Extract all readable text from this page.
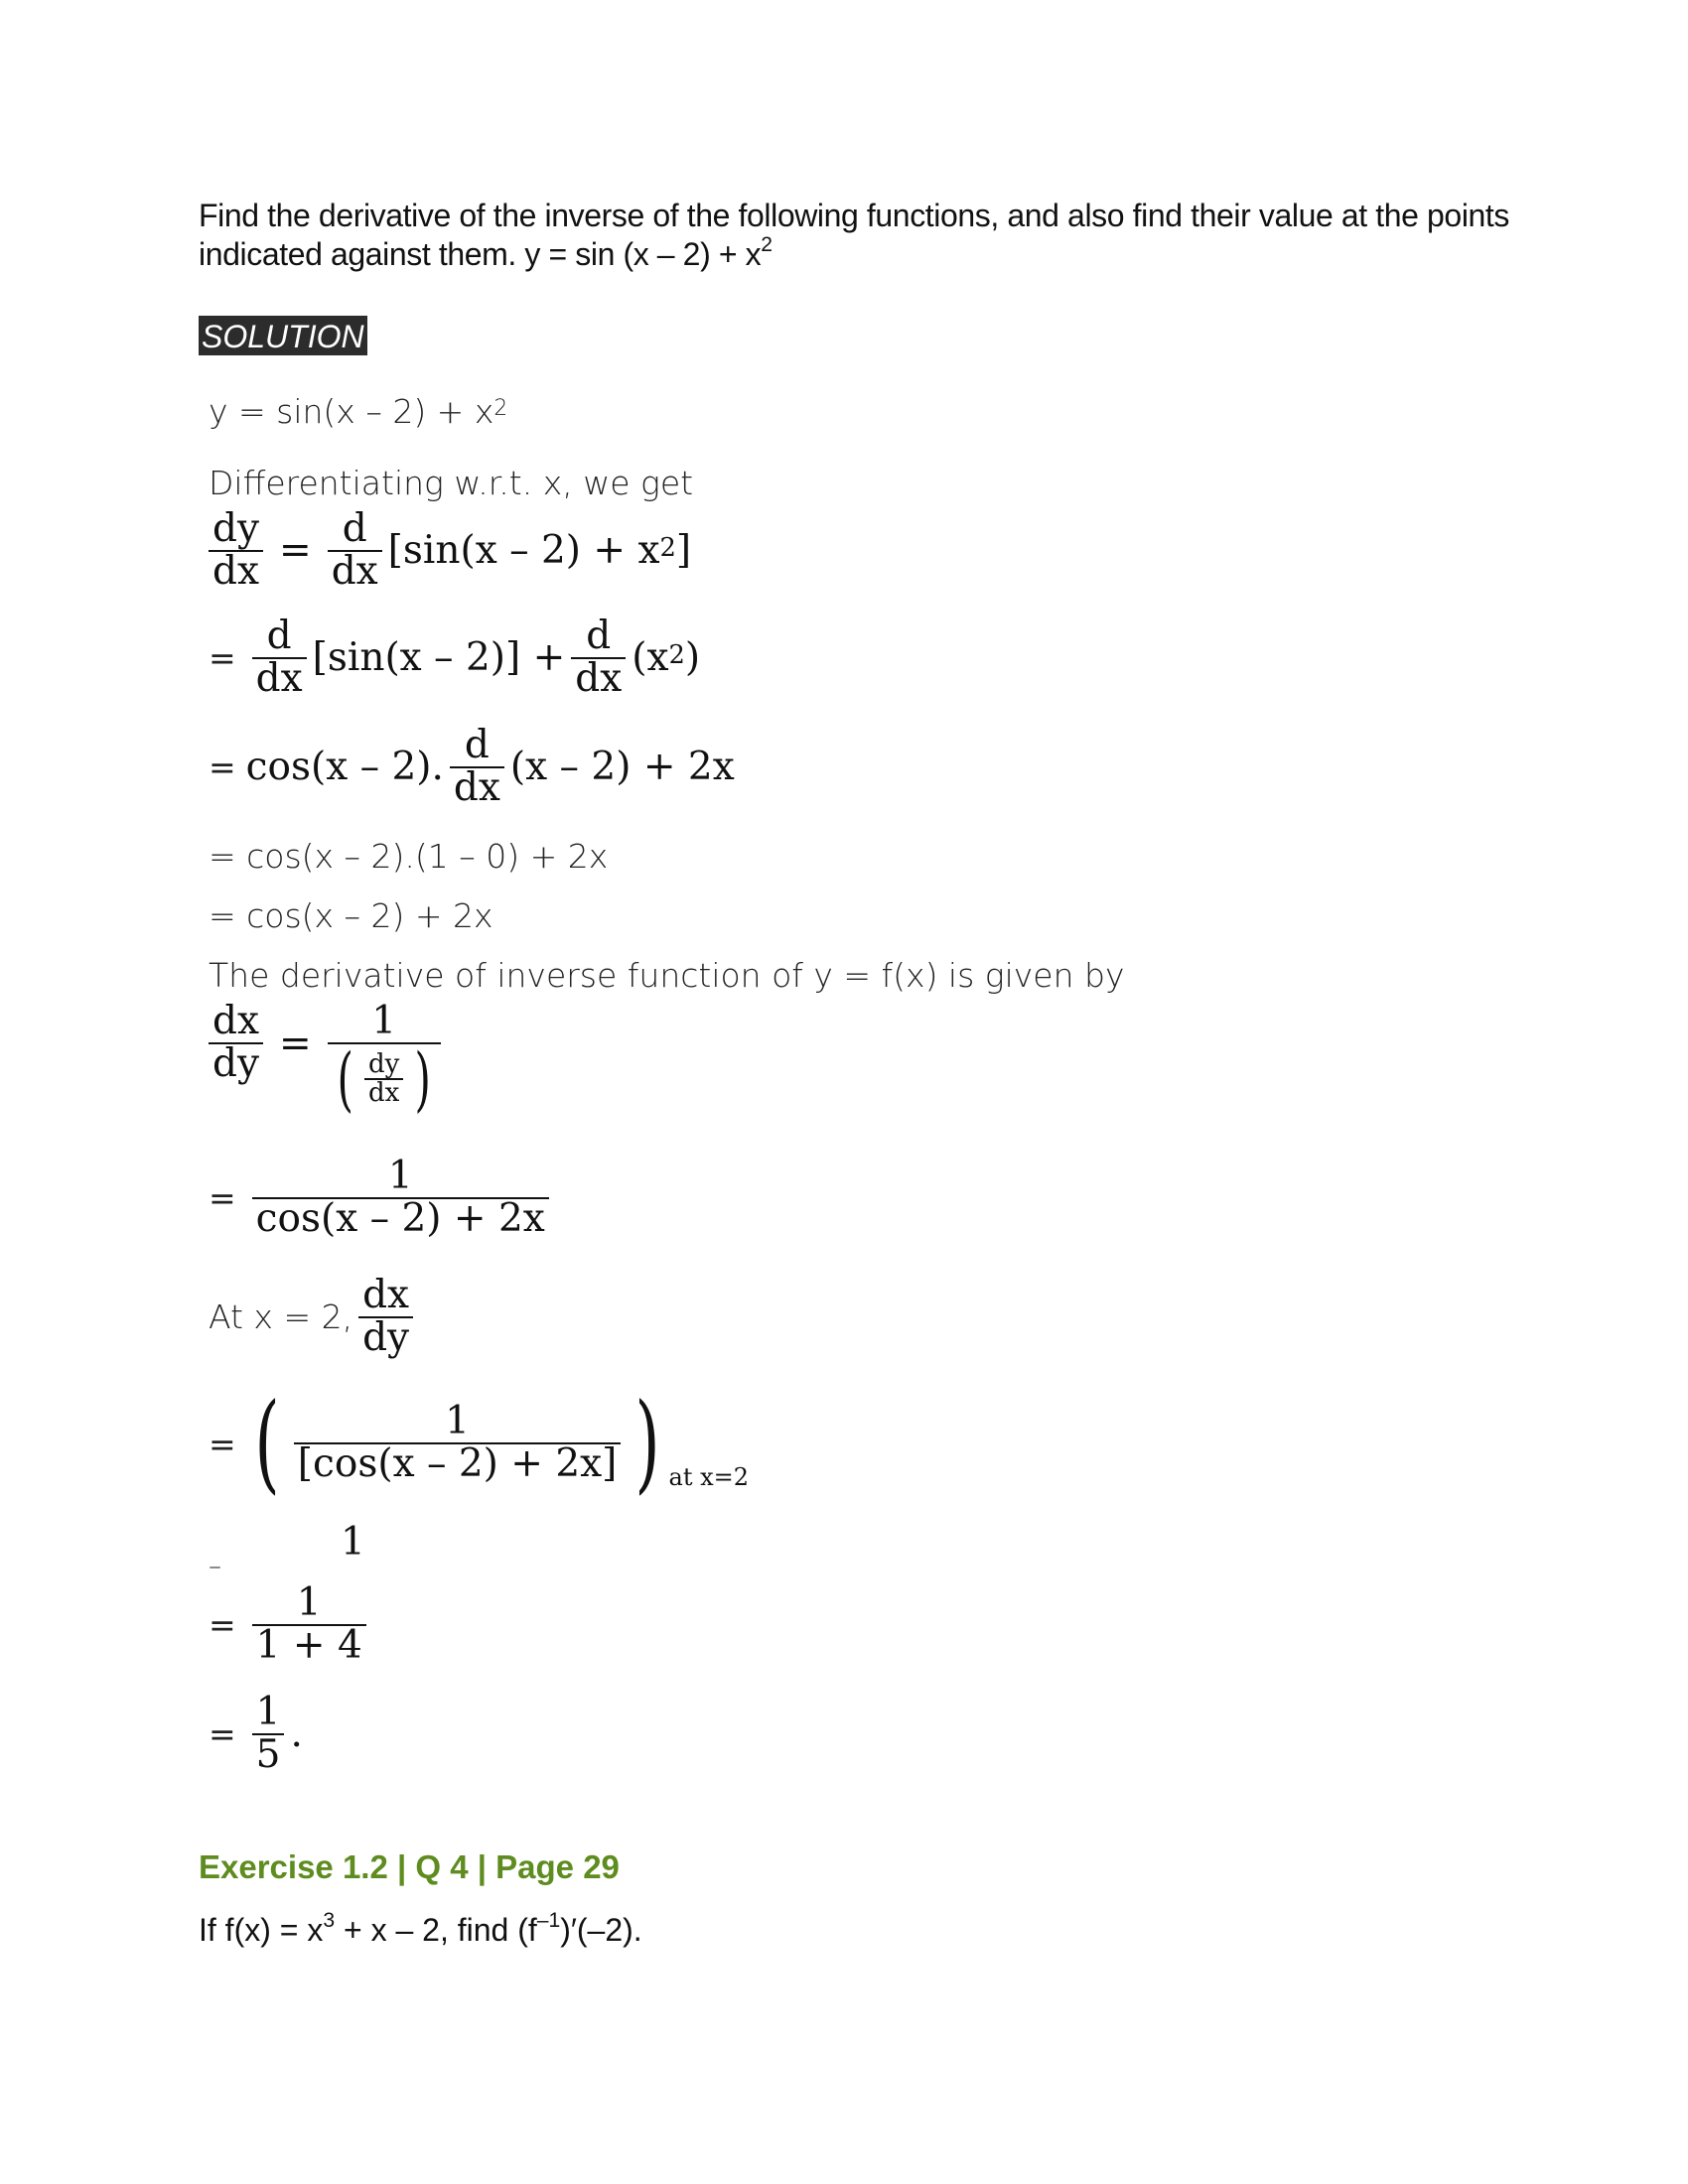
Find the derivative of the inverse of the following functions, and also find their value at the points indicated against them. $y = \sin (x - 2) + x^2$
SOLUTION
$y = \sin(x - 2) + x^2$
Differentiating w.r.t. x, we get
$\frac{dy}{dx} = \frac{d}{dx} [\sin(x - 2) + x^2$ ]
= $\frac{d}{dx} [\sin(x - 2)] + \frac{d}{dx} (x^2$ )
= cos(x – 2). $\frac{d}{dx} (x - 2) + 2x$
= cos(x – 2).(1 – 0) + 2x
= cos(x – 2) + 2x
The derivative of inverse function of y = f(x) is given by
$\frac{dx}{dy} = \frac{1}{( \frac{dy}{dx} )}$
= $\frac{1}{\cos(x - 2) + 2x}$
At x = 2, $\frac{dx}{dy}$
= ( $\frac{1}{[\cos(x - 2) + 2x]}$ ) at x=2
–
1
= $\frac{1}{1 + 4}$
= $\frac{1}{5}$ .
Exercise 1.2 | Q 4 | Page 29
If $f(x) = x^3 + x - 2$, find $(f^{-1})'(-2)$.
